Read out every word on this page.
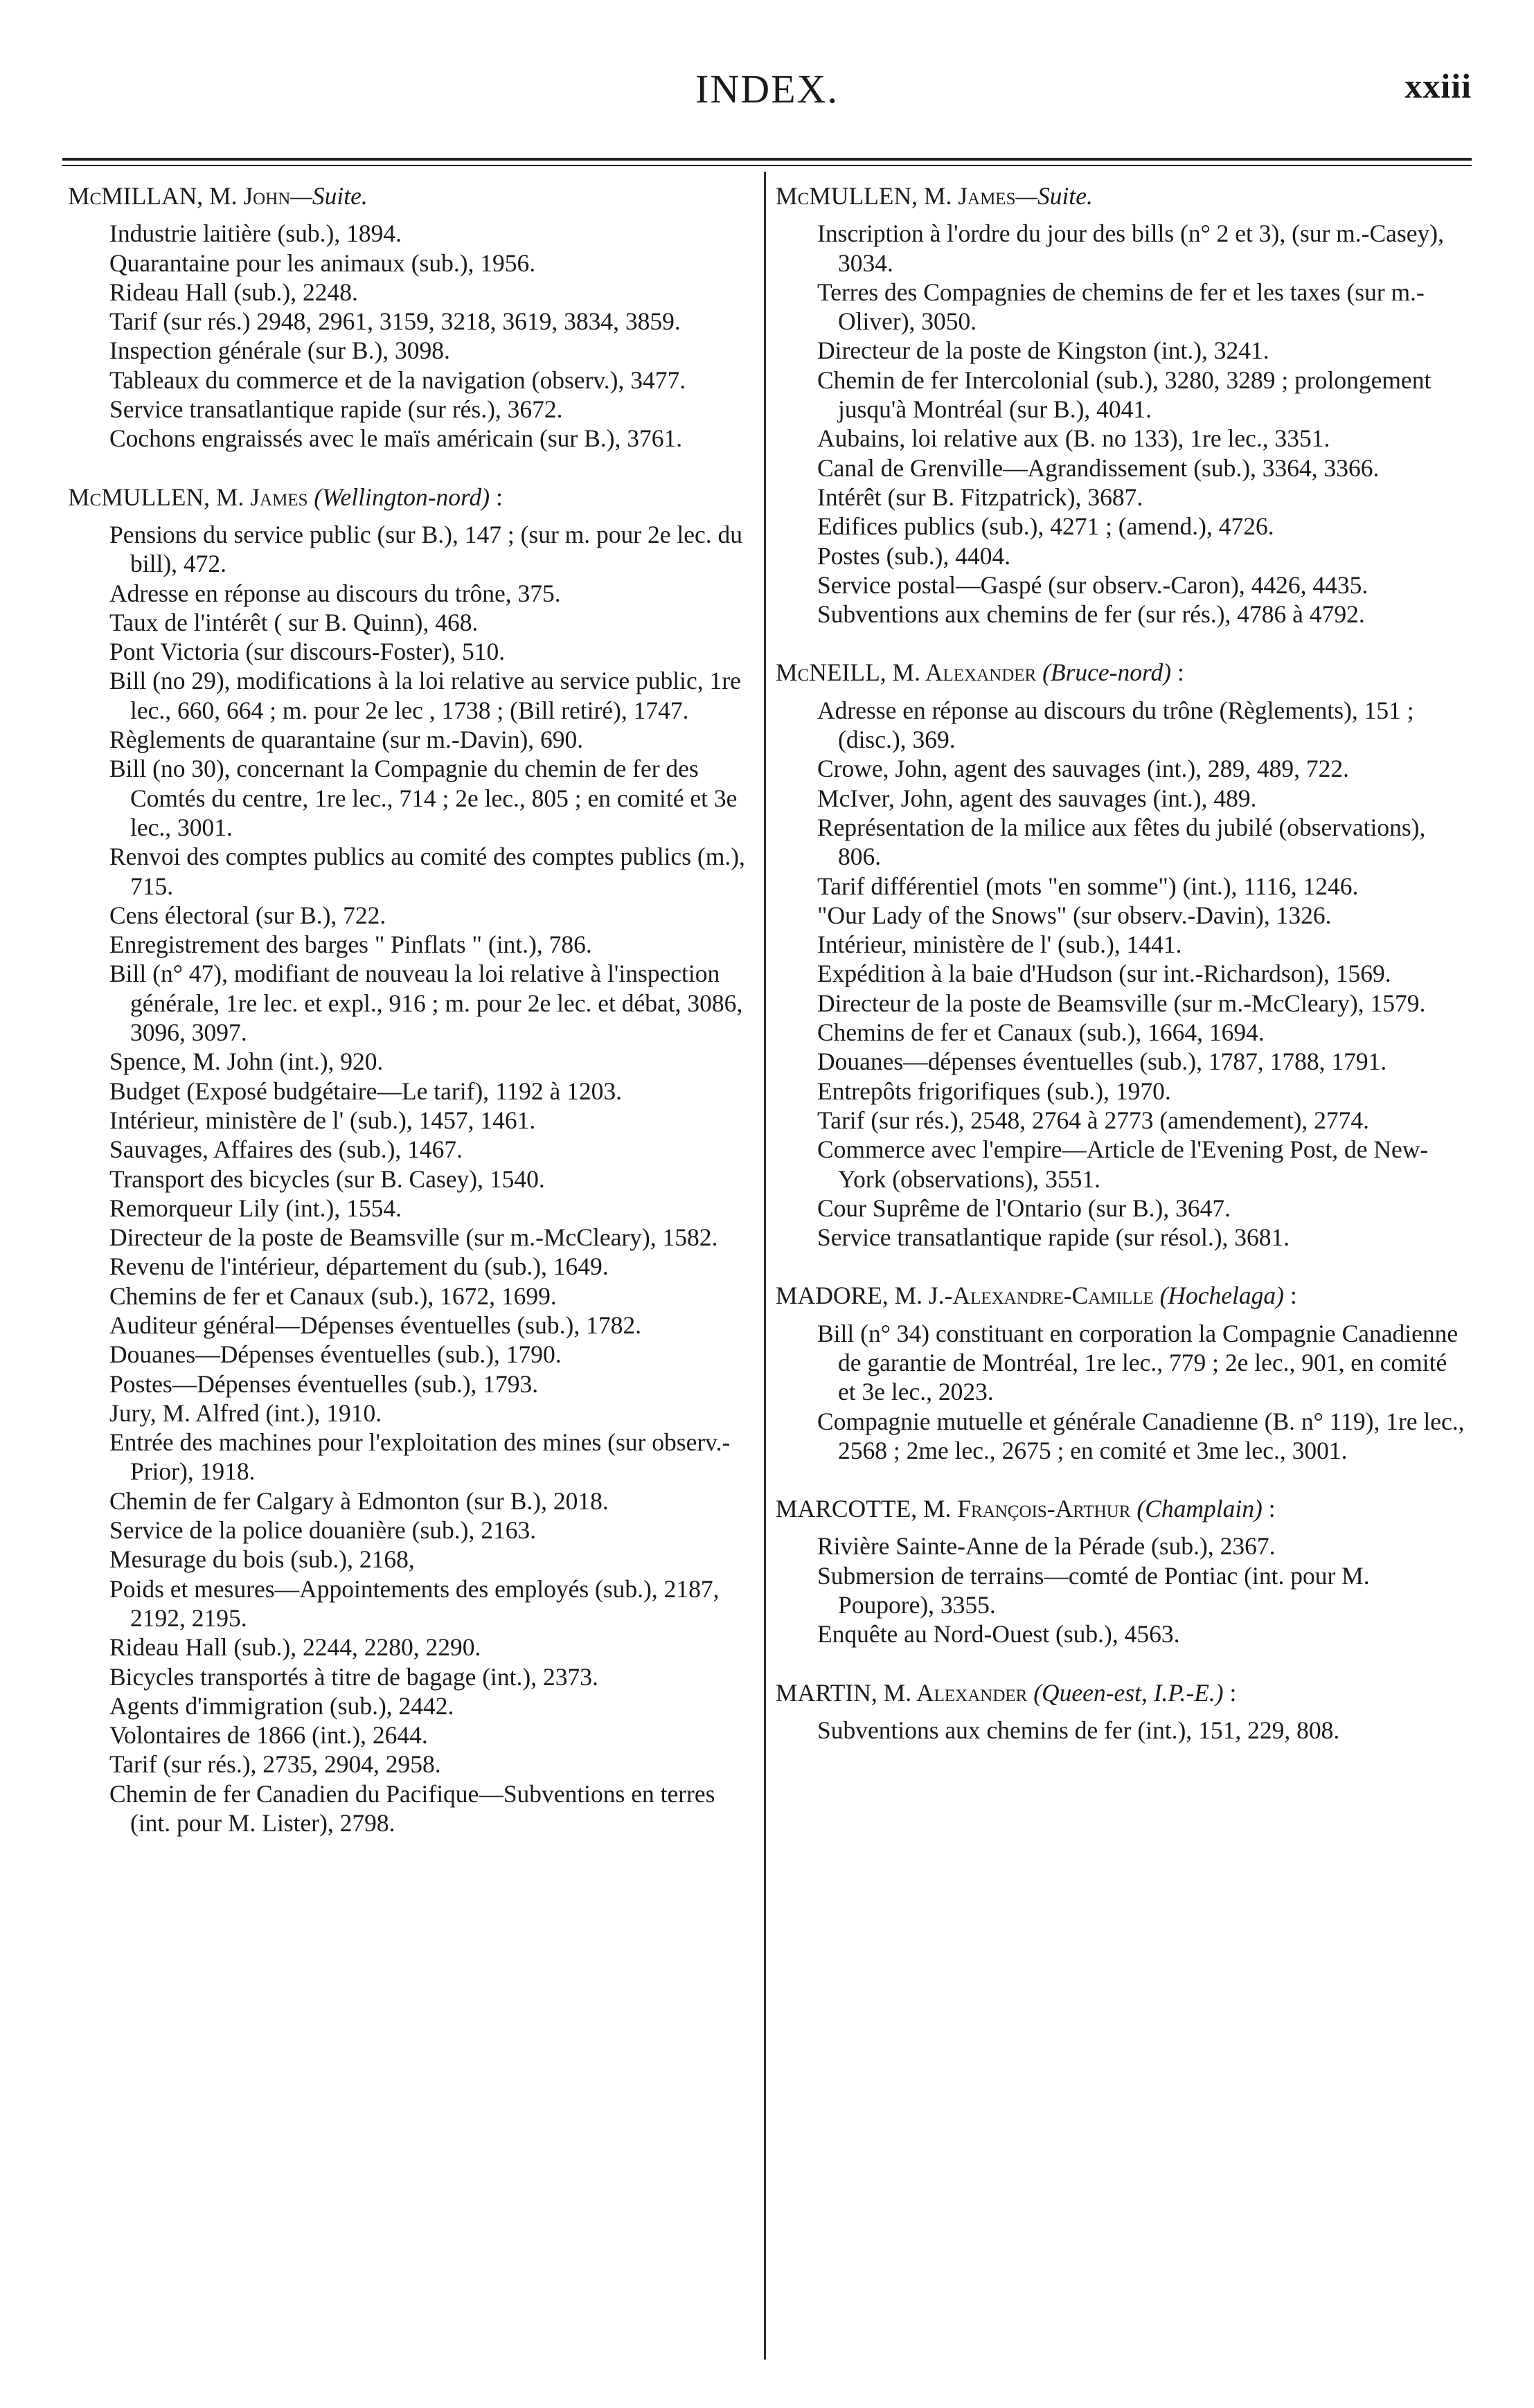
INDEX.	xxiii

McMILLAN, M. John—Suite.

Industrie laitière (sub.), 1894.

Quarantaine pour les animaux (sub.), 1956.

Rideau Hall (sub.), 2248.

Tarif (sur rés.) 2948, 2961, 3159, 3218, 3619, 3834, 3859.

Inspection générale (sur B.), 3098.

Tableaux du commerce et de la navigation (observ.), 3477.

Service transatlantique rapide (sur rés.), 3672.

Cochons engraissés avec le maïs américain (sur B.), 3761.

McMULLEN, M. James (Wellington-nord) :

Pensions du service public (sur B.), 147 ; (sur m. pour 2e lec. du bill), 472.

Adresse en réponse au discours du trône, 375.

Taux de l'intérêt ( sur B. Quinn), 468.

Pont Victoria (sur discours-Foster), 510.

Bill (no 29), modifications à la loi relative au service public, 1re lec., 660, 664 ; m. pour 2e lec , 1738 ; (Bill retiré), 1747.

Règlements de quarantaine (sur m.-Davin), 690.

Bill (no 30), concernant la Compagnie du chemin de fer des Comtés du centre, 1re lec., 714 ; 2e lec., 805 ; en comité et 3e lec., 3001.

Renvoi des comptes publics au comité des comptes publics (m.), 715.

Cens électoral (sur B.), 722.

Enregistrement des barges " Pinflats " (int.), 786.

Bill (n° 47), modifiant de nouveau la loi relative à l'inspection générale, 1re lec. et expl., 916 ; m. pour 2e lec. et débat, 3086, 3096, 3097.

Spence, M. John (int.), 920.

Budget (Exposé budgétaire—Le tarif), 1192 à 1203.

Intérieur, ministère de l' (sub.), 1457, 1461.

Sauvages, Affaires des (sub.), 1467.

Transport des bicycles (sur B. Casey), 1540.

Remorqueur Lily (int.), 1554.

Directeur de la poste de Beamsville (sur m.-McCleary), 1582.

Revenu de l'intérieur, département du (sub.), 1649.

Chemins de fer et Canaux (sub.), 1672, 1699.

Auditeur général—Dépenses éventuelles (sub.), 1782.

Douanes—Dépenses éventuelles (sub.), 1790.

Postes—Dépenses éventuelles (sub.), 1793.

Jury, M. Alfred (int.), 1910.

Entrée des machines pour l'exploitation des mines (sur observ.-Prior), 1918.

Chemin de fer Calgary à Edmonton (sur B.), 2018.

Service de la police douanière (sub.), 2163.

Mesurage du bois (sub.), 2168,

Poids et mesures—Appointements des employés (sub.), 2187, 2192, 2195.

Rideau Hall (sub.), 2244, 2280, 2290.

Bicycles transportés à titre de bagage (int.), 2373.

Agents d'immigration (sub.), 2442.

Volontaires de 1866 (int.), 2644.

Tarif (sur rés.), 2735, 2904, 2958.

Chemin de fer Canadien du Pacifique—Subventions en terres (int. pour M. Lister), 2798.

McMULLEN, M. James—Suite.

Inscription à l'ordre du jour des bills (n° 2 et 3), (sur m.-Casey), 3034.

Terres des Compagnies de chemins de fer et les taxes (sur m.-Oliver), 3050.

Directeur de la poste de Kingston (int.), 3241.

Chemin de fer Intercolonial (sub.), 3280, 3289 ; prolongement jusqu'à Montréal (sur B.), 4041.

Aubains, loi relative aux (B. no 133), 1re lec., 3351.

Canal de Grenville—Agrandissement (sub.), 3364, 3366.

Intérêt (sur B. Fitzpatrick), 3687.

Edifices publics (sub.), 4271 ; (amend.), 4726.

Postes (sub.), 4404.

Service postal—Gaspé (sur observ.-Caron), 4426, 4435.

Subventions aux chemins de fer (sur rés.), 4786 à 4792.

McNEILL, M. Alexander (Bruce-nord) :

Adresse en réponse au discours du trône (Règlements), 151 ; (disc.), 369.

Crowe, John, agent des sauvages (int.), 289, 489, 722.

McIver, John, agent des sauvages (int.), 489.

Représentation de la milice aux fêtes du jubilé (observations), 806.

Tarif différentiel (mots "en somme") (int.), 1116, 1246.

"Our Lady of the Snows" (sur observ.-Davin), 1326.

Intérieur, ministère de l' (sub.), 1441.

Expédition à la baie d'Hudson (sur int.-Richardson), 1569.

Directeur de la poste de Beamsville (sur m.-McCleary), 1579.

Chemins de fer et Canaux (sub.), 1664, 1694.

Douanes—dépenses éventuelles (sub.), 1787, 1788, 1791.

Entrepôts frigorifiques (sub.), 1970.

Tarif (sur rés.), 2548, 2764 à 2773 (amendement), 2774.

Commerce avec l'empire—Article de l'Evening Post, de New-York (observations), 3551.

Cour Suprême de l'Ontario (sur B.), 3647.

Service transatlantique rapide (sur résol.), 3681.

MADORE, M. J.-Alexandre-Camille (Hochelaga) :

Bill (n° 34) constituant en corporation la Compagnie Canadienne de garantie de Montréal, 1re lec., 779 ; 2e lec., 901, en comité et 3e lec., 2023.

Compagnie mutuelle et générale Canadienne (B. n° 119), 1re lec., 2568 ; 2me lec., 2675 ; en comité et 3me lec., 3001.

MARCOTTE, M. François-Arthur (Champlain) :

Rivière Sainte-Anne de la Pérade (sub.), 2367.

Submersion de terrains—comté de Pontiac (int. pour M. Poupore), 3355.

Enquête au Nord-Ouest (sub.), 4563.

MARTIN, M. Alexander (Queen-est, I.P.-E.) :

Subventions aux chemins de fer (int.), 151, 229, 808.
